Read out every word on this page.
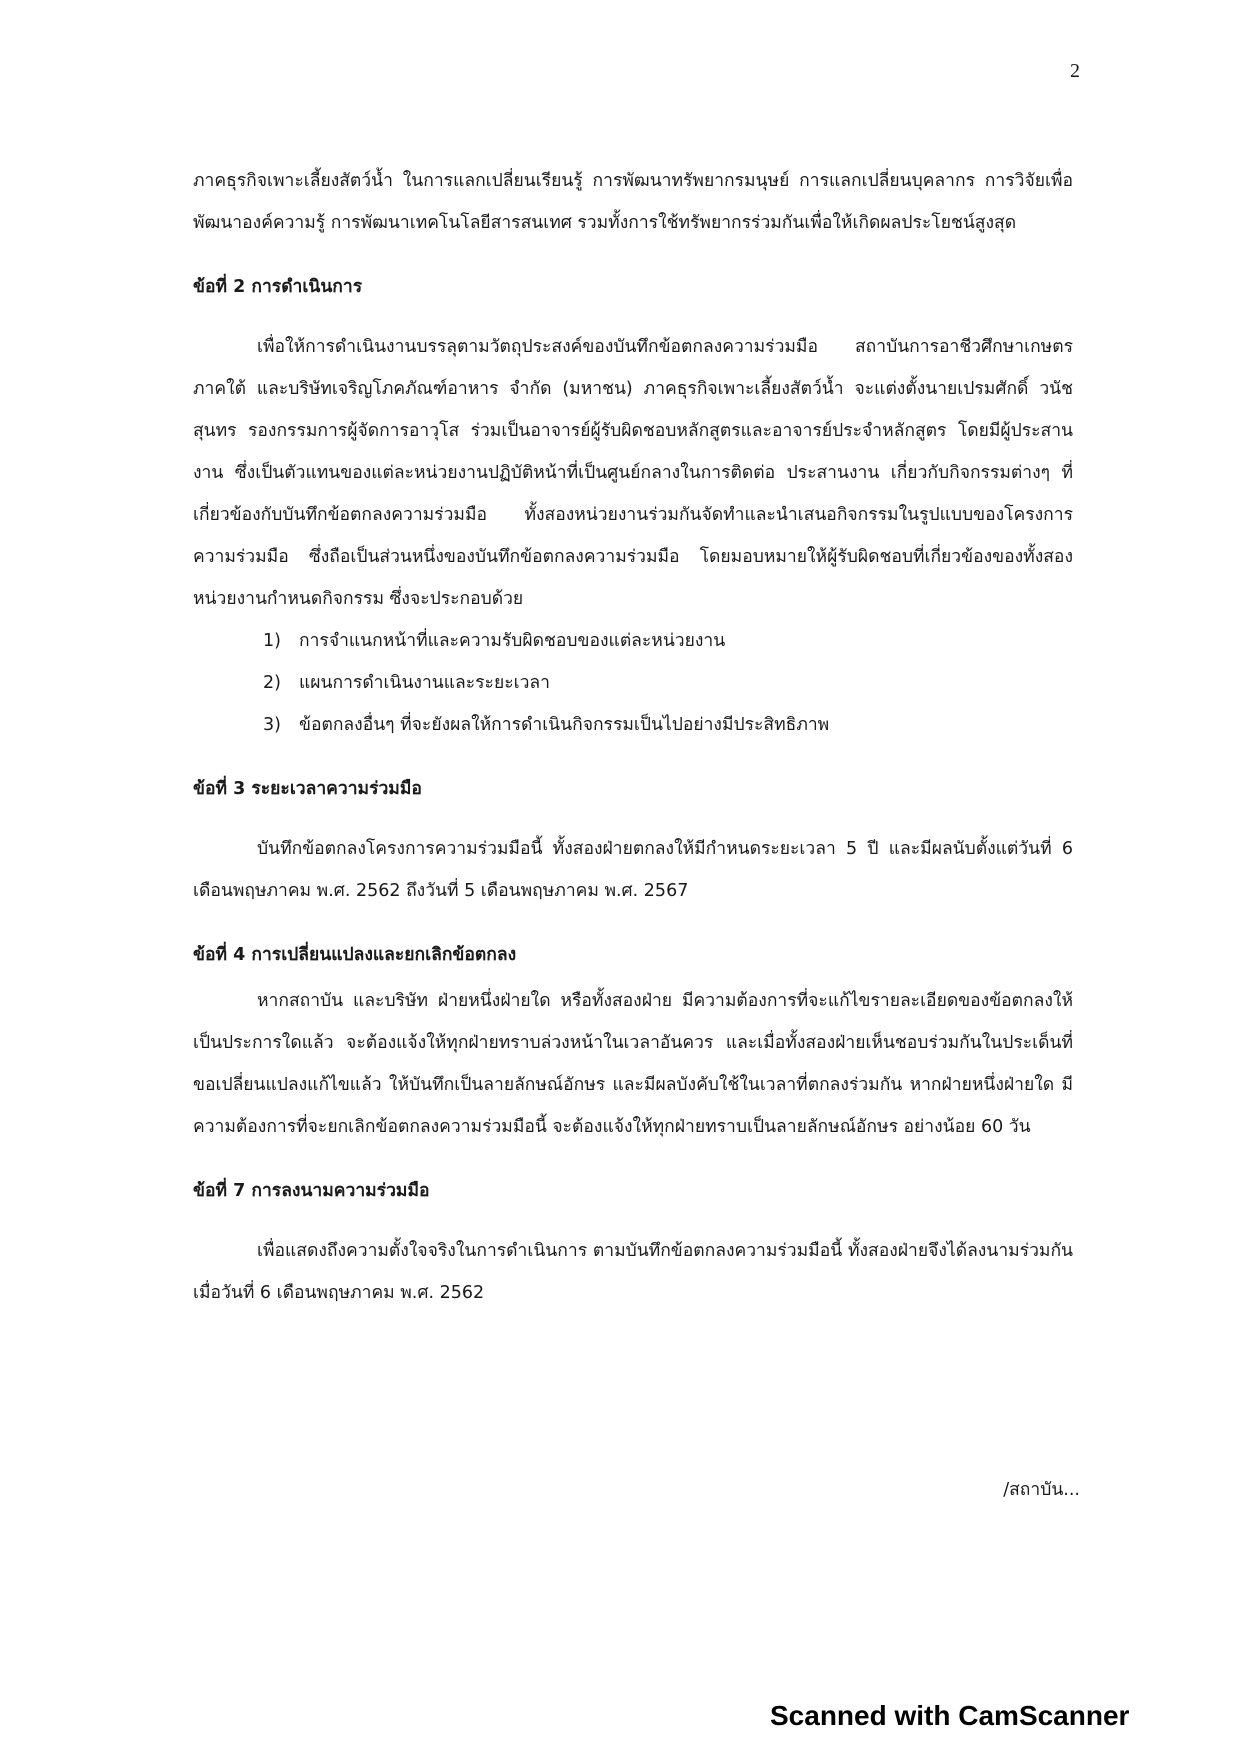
2

ภาคธุรกิจเพาะเลี้ยงสัตว์น้ำ ในการแลกเปลี่ยนเรียนรู้ การพัฒนาทรัพยากรมนุษย์ การแลกเปลี่ยนบุคลากร การวิจัยเพื่อพัฒนาองค์ความรู้ การพัฒนาเทคโนโลยีสารสนเทศ รวมทั้งการใช้ทรัพยากรร่วมกันเพื่อให้เกิดผลประโยชน์สูงสุด

ข้อที่ 2 การดำเนินการ

เพื่อให้การดำเนินงานบรรลุตามวัตถุประสงค์ของบันทึกข้อตกลงความร่วมมือ สถาบันการอาชีวศึกษาเกษตรภาคใต้ และบริษัทเจริญโภคภัณฑ์อาหาร จำกัด (มหาชน) ภาคธุรกิจเพาะเลี้ยงสัตว์น้ำ จะแต่งตั้งนายเปรมศักดิ์ วนัชสุนทร รองกรรมการผู้จัดการอาวุโส ร่วมเป็นอาจารย์ผู้รับผิดชอบหลักสูตรและอาจารย์ประจำหลักสูตร โดยมีผู้ประสานงาน ซึ่งเป็นตัวแทนของแต่ละหน่วยงานปฏิบัติหน้าที่เป็นศูนย์กลางในการติดต่อ ประสานงาน เกี่ยวกับกิจกรรมต่างๆ ที่เกี่ยวข้องกับบันทึกข้อตกลงความร่วมมือ ทั้งสองหน่วยงานร่วมกันจัดทำและนำเสนอกิจกรรมในรูปแบบของโครงการความร่วมมือ ซึ่งถือเป็นส่วนหนึ่งของบันทึกข้อตกลงความร่วมมือ โดยมอบหมายให้ผู้รับผิดชอบที่เกี่ยวข้องของทั้งสองหน่วยงานกำหนดกิจกรรม ซึ่งจะประกอบด้วย

1)	การจำแนกหน้าที่และความรับผิดชอบของแต่ละหน่วยงาน
2)	แผนการดำเนินงานและระยะเวลา
3)	ข้อตกลงอื่นๆ ที่จะยังผลให้การดำเนินกิจกรรมเป็นไปอย่างมีประสิทธิภาพ

ข้อที่ 3 ระยะเวลาความร่วมมือ

บันทึกข้อตกลงโครงการความร่วมมือนี้ ทั้งสองฝ่ายตกลงให้มีกำหนดระยะเวลา 5 ปี และมีผลนับตั้งแต่วันที่ 6 เดือนพฤษภาคม พ.ศ. 2562 ถึงวันที่ 5 เดือนพฤษภาคม พ.ศ. 2567

ข้อที่ 4 การเปลี่ยนแปลงและยกเลิกข้อตกลง

หากสถาบัน และบริษัท ฝ่ายหนึ่งฝ่ายใด หรือทั้งสองฝ่าย มีความต้องการที่จะแก้ไขรายละเอียดของข้อตกลงให้เป็นประการใดแล้ว จะต้องแจ้งให้ทุกฝ่ายทราบล่วงหน้าในเวลาอันควร และเมื่อทั้งสองฝ่ายเห็นชอบร่วมกันในประเด็นที่ขอเปลี่ยนแปลงแก้ไขแล้ว ให้บันทึกเป็นลายลักษณ์อักษร และมีผลบังคับใช้ในเวลาที่ตกลงร่วมกัน หากฝ่ายหนึ่งฝ่ายใด มีความต้องการที่จะยกเลิกข้อตกลงความร่วมมือนี้ จะต้องแจ้งให้ทุกฝ่ายทราบเป็นลายลักษณ์อักษร อย่างน้อย 60 วัน

ข้อที่ 7 การลงนามความร่วมมือ

เพื่อแสดงถึงความตั้งใจจริงในการดำเนินการ ตามบันทึกข้อตกลงความร่วมมือนี้ ทั้งสองฝ่ายจึงได้ลงนามร่วมกัน เมื่อวันที่ 6 เดือนพฤษภาคม พ.ศ. 2562

/สถาบัน...
Scanned with CamScanner
